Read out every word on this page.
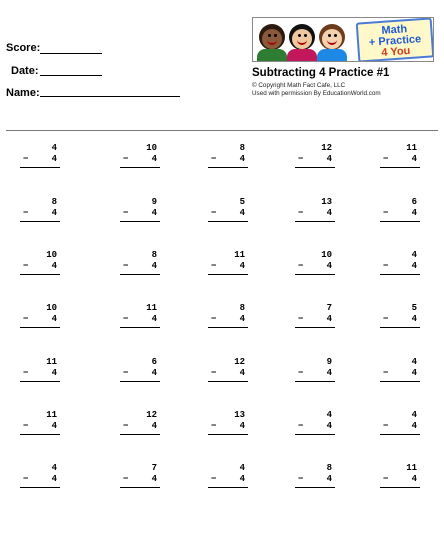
Score:
Date:
Name:
Math
+ Practice
4 You
Subtracting 4 Practice #1
© Copyright Math Fact Cafe, LLC
Used with permission By EducationWorld.com
4
−	4
10
−	4
8
−	4
12
−	4
11
−	4
8
−	4
9
−	4
5
−	4
13
−	4
6
−	4
10
−	4
8
−	4
11
−	4
10
−	4
4
−	4
10
−	4
11
−	4
8
−	4
7
−	4
5
−	4
11
−	4
6
−	4
12
−	4
9
−	4
4
−	4
11
−	4
12
−	4
13
−	4
4
−	4
4
−	4
4
−	4
7
−	4
4
−	4
8
−	4
11
−	4
